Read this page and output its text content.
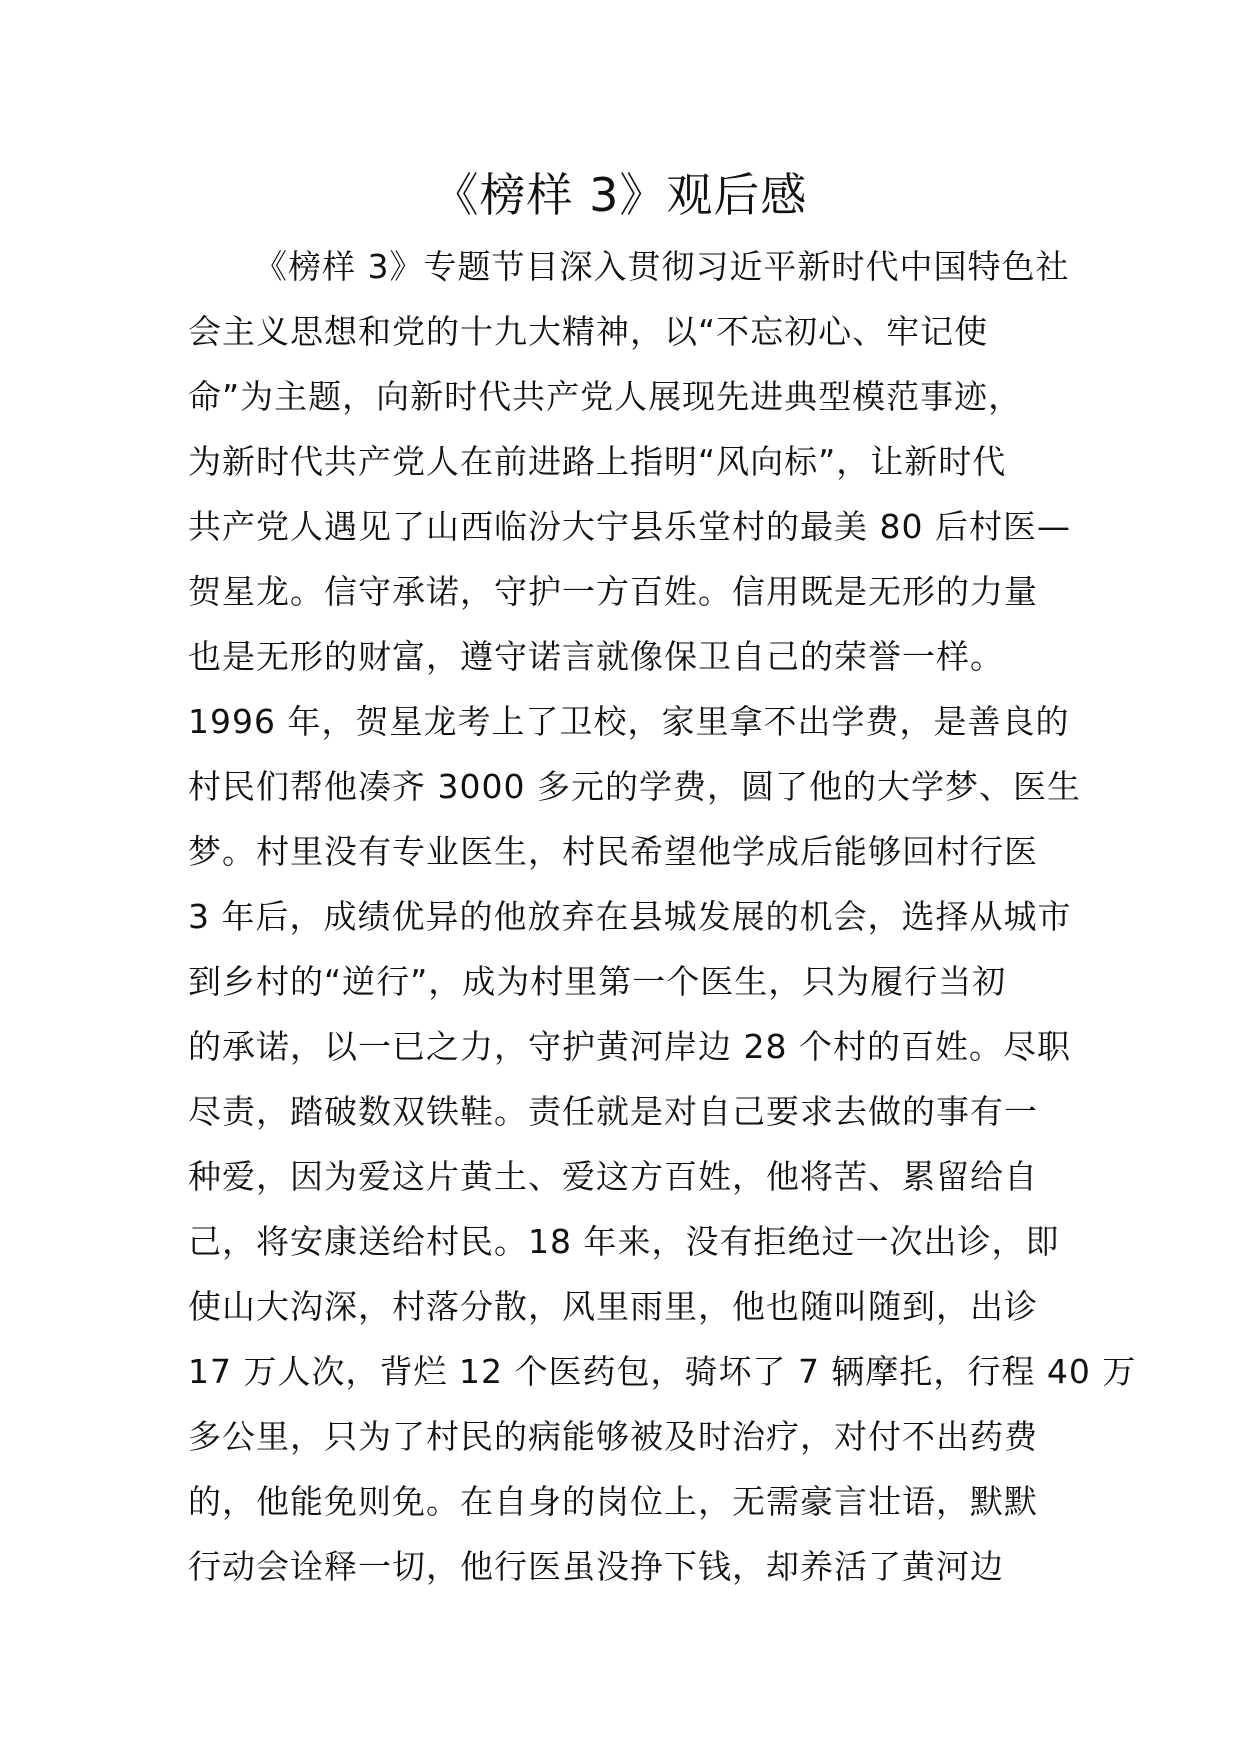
《榜样 3》观后感
《榜样 3》专题节目深入贯彻习近平新时代中国特色社
会主义思想和党的十九大精神，以“不忘初心、牢记使
命”为主题，向新时代共产党人展现先进典型模范事迹，
为新时代共产党人在前进路上指明“风向标”，让新时代
共产党人遇见了山西临汾大宁县乐堂村的最美 80 后村医—
贺星龙。信守承诺，守护一方百姓。信用既是无形的力量
也是无形的财富，遵守诺言就像保卫自己的荣誉一样。
1996 年，贺星龙考上了卫校，家里拿不出学费，是善良的
村民们帮他凑齐 3000 多元的学费，圆了他的大学梦、医生
梦。村里没有专业医生，村民希望他学成后能够回村行医
3 年后，成绩优异的他放弃在县城发展的机会，选择从城市
到乡村的“逆行”，成为村里第一个医生，只为履行当初
的承诺，以一已之力，守护黄河岸边 28 个村的百姓。尽职
尽责，踏破数双铁鞋。责任就是对自己要求去做的事有一
种爱，因为爱这片黄土、爱这方百姓，他将苦、累留给自
己，将安康送给村民。18 年来，没有拒绝过一次出诊，即
使山大沟深，村落分散，风里雨里，他也随叫随到，出诊
17 万人次，背烂 12 个医药包，骑坏了 7 辆摩托，行程 40 万
多公里，只为了村民的病能够被及时治疗，对付不出药费
的，他能免则免。在自身的岗位上，无需豪言壮语，默默
行动会诠释一切，他行医虽没挣下钱，却养活了黄河边
